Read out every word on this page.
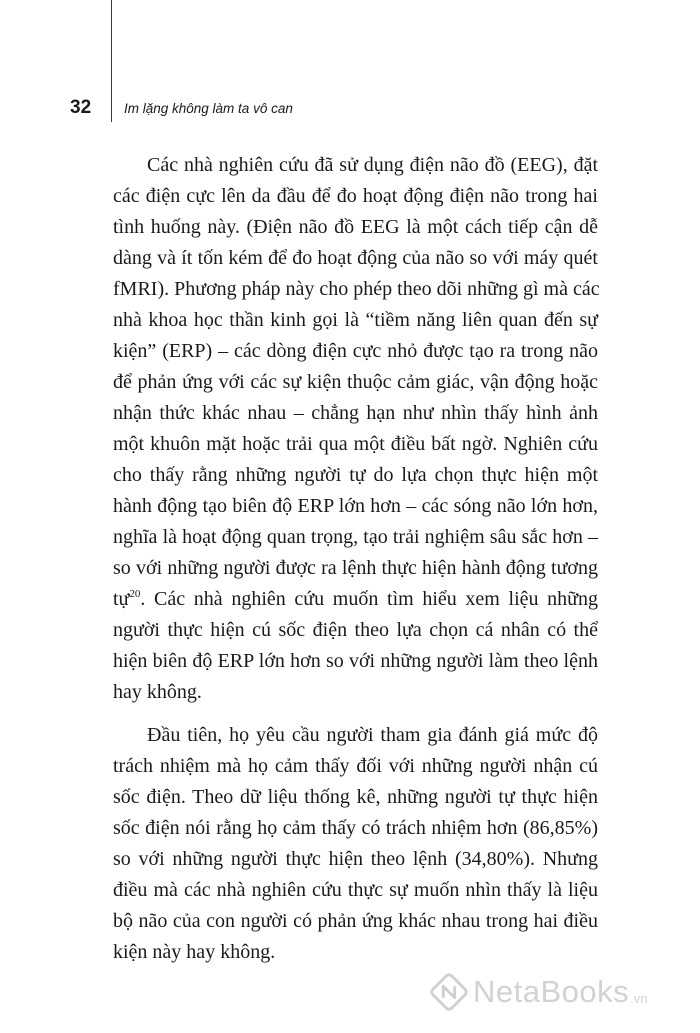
32 Im lặng không làm ta vô can
Các nhà nghiên cứu đã sử dụng điện não đồ (EEG), đặt
các điện cực lên da đầu để đo hoạt động điện não trong hai
tình huống này. (Điện não đồ EEG là một cách tiếp cận dễ
dàng và ít tốn kém để đo hoạt động của não so với máy quét
fMRI). Phương pháp này cho phép theo dõi những gì mà các
nhà khoa học thần kinh gọi là “tiềm năng liên quan đến sự
kiện” (ERP) – các dòng điện cực nhỏ được tạo ra trong não
để phản ứng với các sự kiện thuộc cảm giác, vận động hoặc
nhận thức khác nhau – chẳng hạn như nhìn thấy hình ảnh
một khuôn mặt hoặc trải qua một điều bất ngờ. Nghiên cứu
cho thấy rằng những người tự do lựa chọn thực hiện một
hành động tạo biên độ ERP lớn hơn – các sóng não lớn hơn,
nghĩa là hoạt động quan trọng, tạo trải nghiệm sâu sắc hơn –
so với những người được ra lệnh thực hiện hành động tương
tự$^{20}$. Các nhà nghiên cứu muốn tìm hiểu xem liệu những
người thực hiện cú sốc điện theo lựa chọn cá nhân có thể
hiện biên độ ERP lớn hơn so với những người làm theo lệnh
hay không.
Đầu tiên, họ yêu cầu người tham gia đánh giá mức độ
trách nhiệm mà họ cảm thấy đối với những người nhận cú
sốc điện. Theo dữ liệu thống kê, những người tự thực hiện
sốc điện nói rằng họ cảm thấy có trách nhiệm hơn (86,85%)
so với những người thực hiện theo lệnh (34,80%). Nhưng
điều mà các nhà nghiên cứu thực sự muốn nhìn thấy là liệu
bộ não của con người có phản ứng khác nhau trong hai điều
kiện này hay không.
NetaBooks .vn
